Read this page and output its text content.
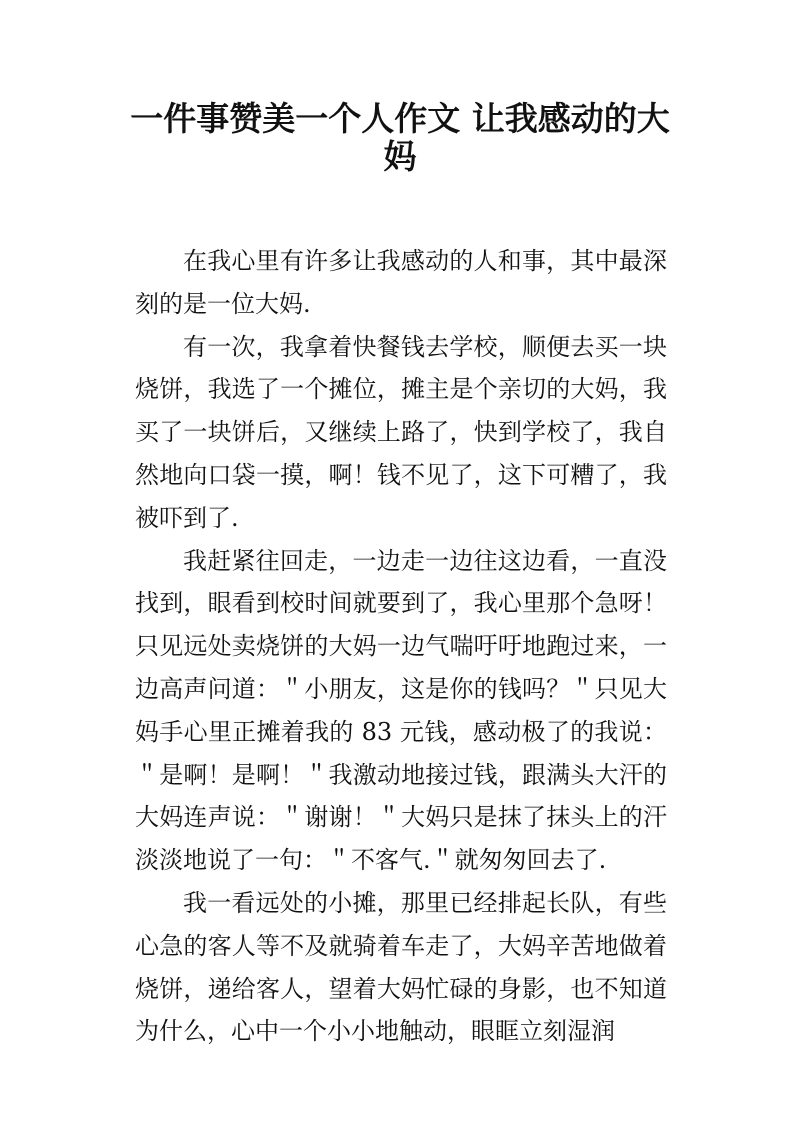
一件事赞美一个人作文 让我感动的大
妈
在我心里有许多让我感动的人和事，其中最深
刻的是一位大妈.
有一次，我拿着快餐钱去学校，顺便去买一块
烧饼，我选了一个摊位，摊主是个亲切的大妈，我
买了一块饼后，又继续上路了，快到学校了，我自
然地向口袋一摸，啊！钱不见了，这下可糟了，我
被吓到了.
我赶紧往回走，一边走一边往这边看，一直没
找到，眼看到校时间就要到了，我心里那个急呀！
只见远处卖烧饼的大妈一边气喘吁吁地跑过来，一
边高声问道：＂小朋友，这是你的钱吗？＂只见大
妈手心里正摊着我的 83 元钱，感动极了的我说：
＂是啊！是啊！＂我激动地接过钱，跟满头大汗的
大妈连声说：＂谢谢！＂大妈只是抹了抹头上的汗
淡淡地说了一句：＂不客气.＂就匆匆回去了.
我一看远处的小摊，那里已经排起长队，有些
心急的客人等不及就骑着车走了，大妈辛苦地做着
烧饼，递给客人，望着大妈忙碌的身影，也不知道
为什么，心中一个小小地触动，眼眶立刻湿润
